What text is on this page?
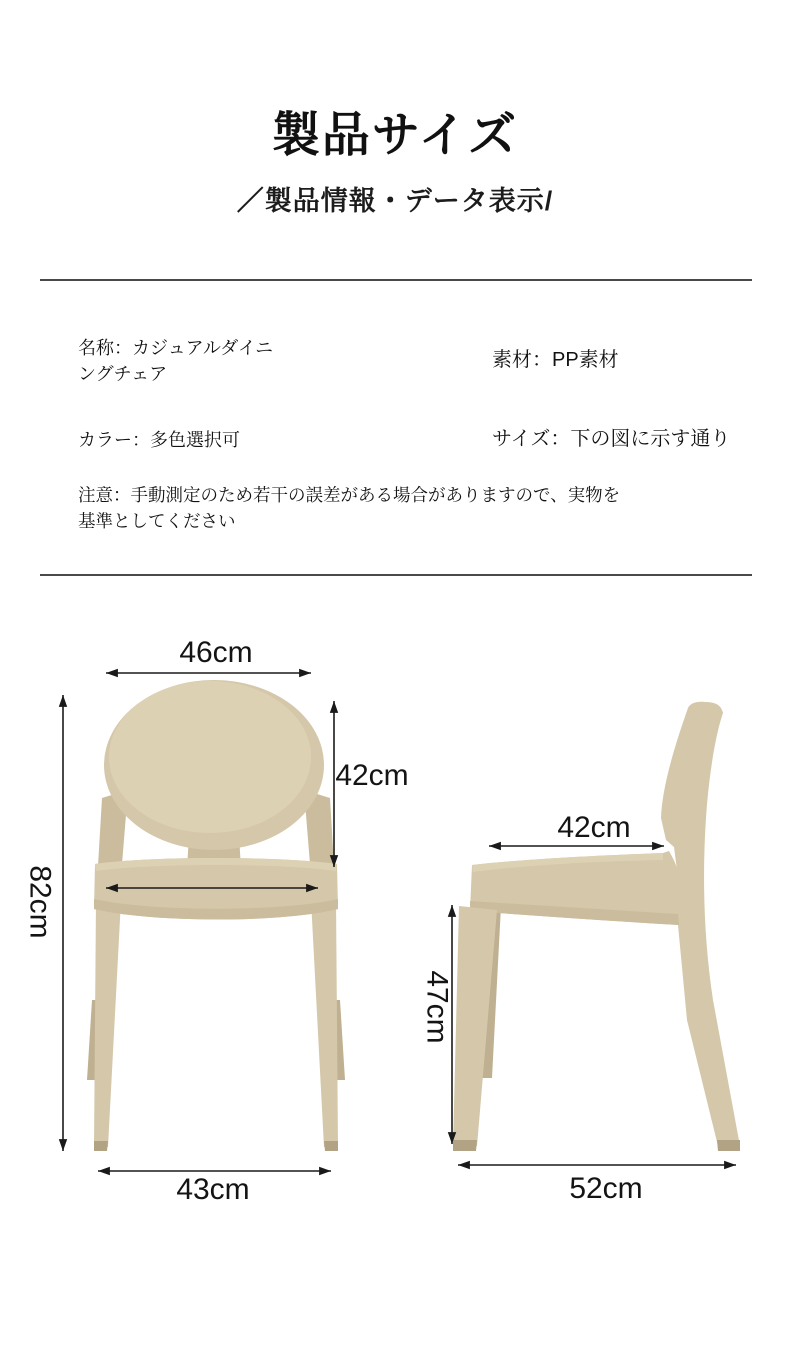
製品サイズ
／製品情報・データ表示/
名称：カジュアルダイニングチェア
素材：PP素材
カラー：多色選択可	サイズ：下の図に示す通り
注意：手動測定のため若干の誤差がある場合がありますので、実物を基準としてください
46cm
42cm
82cm
43cm
42cm
47cm
52cm
